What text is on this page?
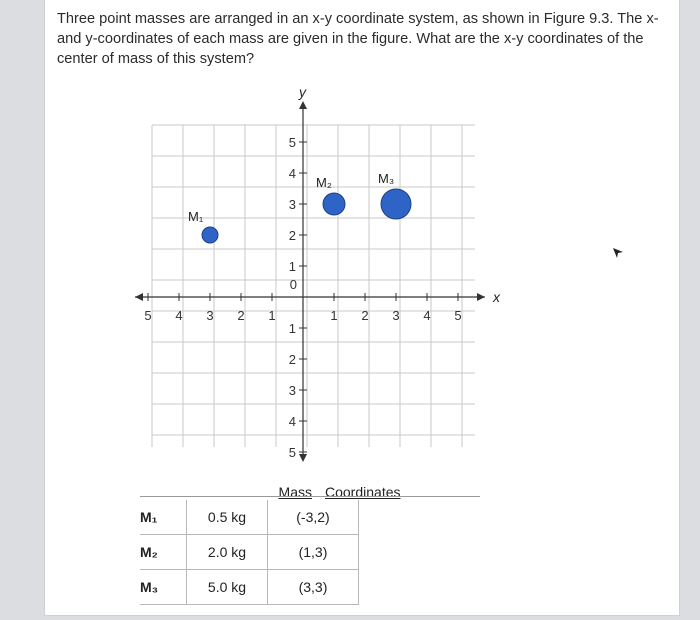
Three point masses are arranged in an x-y coordinate system, as shown in Figure 9.3. The x- and y-coordinates of each mass are given in the figure. What are the x-y coordinates of the center of mass of this system?
x
y
5 4 3 2 1	1 2 3 4 5
5
4
3
2
1
1
2
3
4
5
0
M₁
M₂	M₃
Mass Coordinates
M₁	0.5 kg	(-3,2)
M₂	2.0 kg	(1,3)
M₃	5.0 kg	(3,3)
